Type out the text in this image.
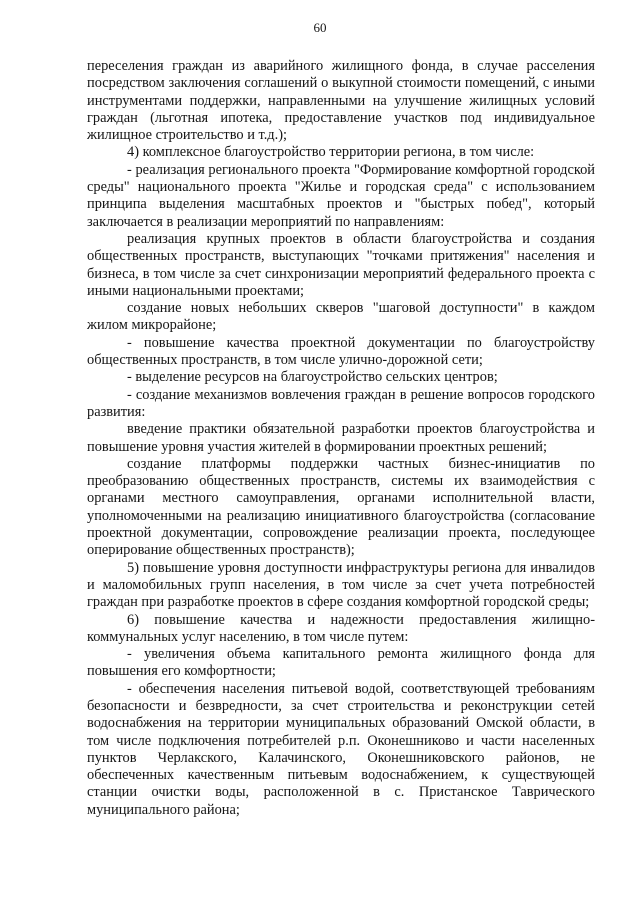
60

переселения граждан из аварийного жилищного фонда, в случае расселения посредством заключения соглашений о выкупной стоимости помещений, с иными инструментами поддержки, направленными на улучшение жилищных условий граждан (льготная ипотека, предоставление участков под индивидуальное жилищное строительство и т.д.);

4) комплексное благоустройство территории региона, в том числе:

- реализация регионального проекта "Формирование комфортной городской среды" национального проекта "Жилье и городская среда" с использованием принципа выделения масштабных проектов и "быстрых побед", который заключается в реализации мероприятий по направлениям:

реализация крупных проектов в области благоустройства и создания общественных пространств, выступающих "точками притяжения" населения и бизнеса, в том числе за счет синхронизации мероприятий федерального проекта с иными национальными проектами;

создание новых небольших скверов "шаговой доступности" в каждом жилом микрорайоне;

- повышение качества проектной документации по благоустройству общественных пространств, в том числе улично-дорожной сети;

- выделение ресурсов на благоустройство сельских центров;

- создание механизмов вовлечения граждан в решение вопросов городского развития:

введение практики обязательной разработки проектов благоустройства и повышение уровня участия жителей в формировании проектных решений;

создание платформы поддержки частных бизнес-инициатив по преобразованию общественных пространств, системы их взаимодействия с органами местного самоуправления, органами исполнительной власти, уполномоченными на реализацию инициативного благоустройства (согласование проектной документации, сопровождение реализации проекта, последующее оперирование общественных пространств);

5) повышение уровня доступности инфраструктуры региона для инвалидов и маломобильных групп населения, в том числе за счет учета потребностей граждан при разработке проектов в сфере создания комфортной городской среды;

6) повышение качества и надежности предоставления жилищно-коммунальных услуг населению, в том числе путем:

- увеличения объема капитального ремонта жилищного фонда для повышения его комфортности;

- обеспечения населения питьевой водой, соответствующей требованиям безопасности и безвредности, за счет строительства и реконструкции сетей водоснабжения на территории муниципальных образований Омской области, в том числе подключения потребителей р.п. Оконешниково и части населенных пунктов Черлакского, Калачинского, Оконешниковского районов, не обеспеченных качественным питьевым водоснабжением, к существующей станции очистки воды, расположенной в с. Пристанское Таврического муниципального района;
